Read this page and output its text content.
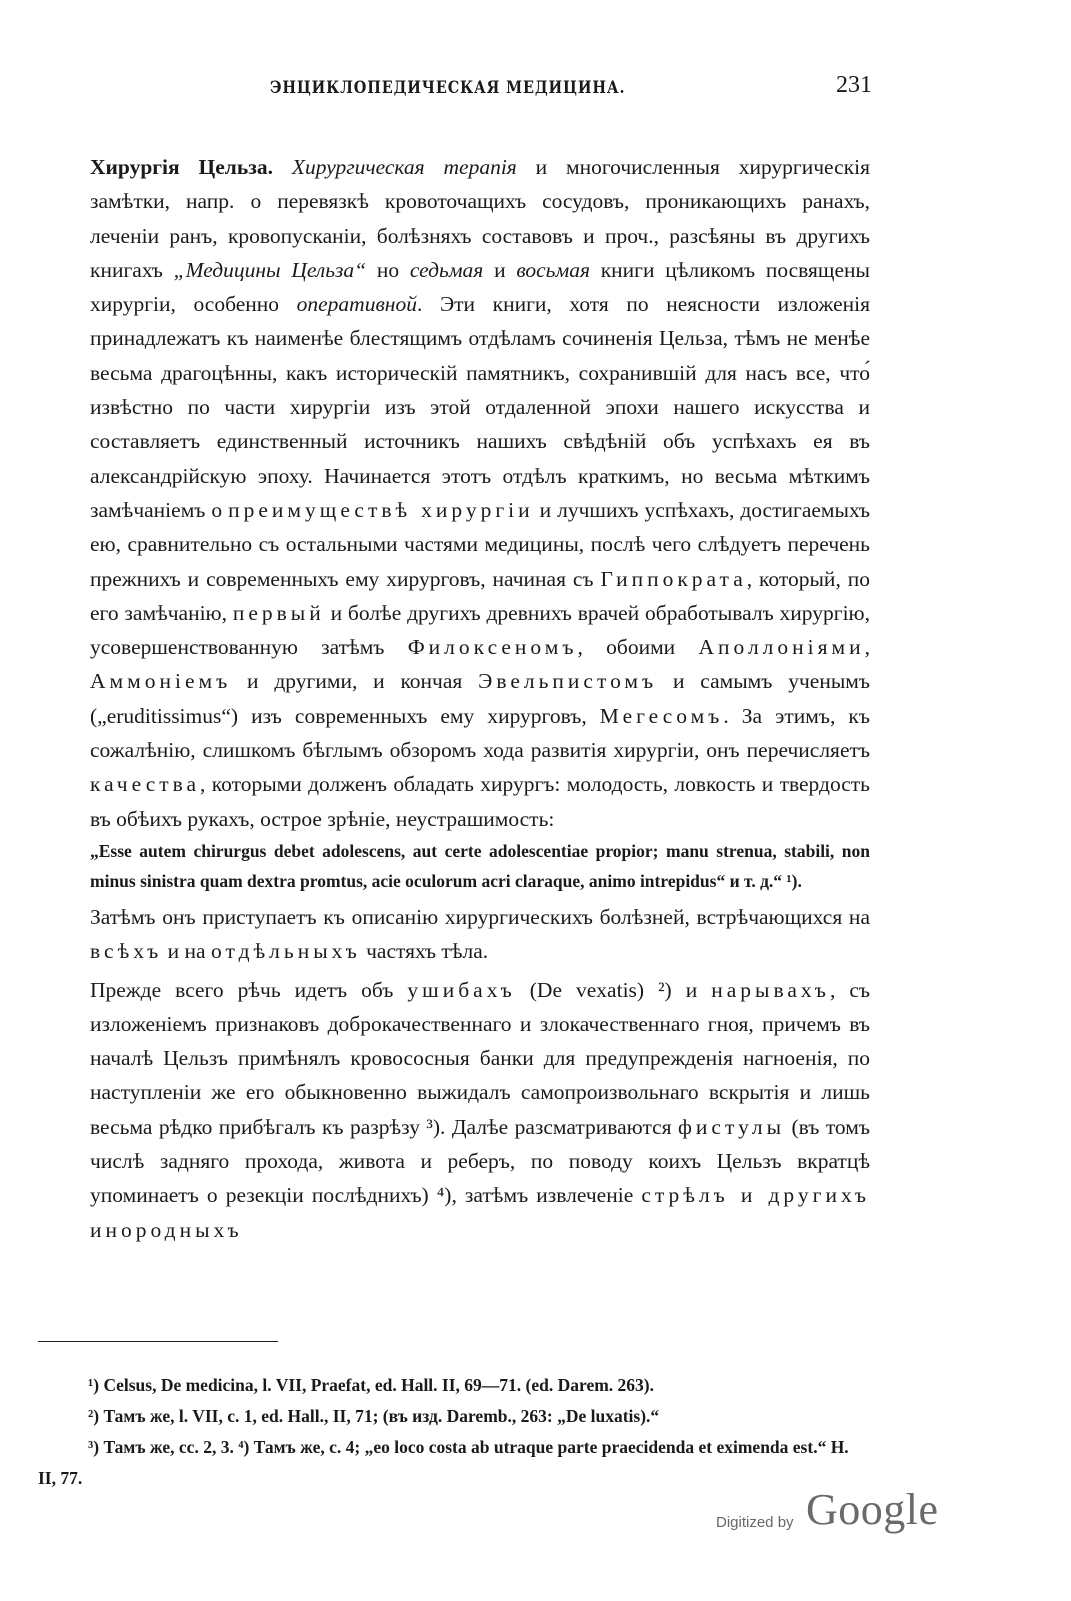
ЭНЦИКЛОПЕДИЧЕСКАЯ МЕДИЦИНА.	231

Хирургія Цельза. Хирургическая терапія и многочисленныя хирургическія замѣтки, напр. о перевязкѣ кровоточащихъ сосудовъ, проникающихъ ранахъ, леченіи ранъ, кровопусканіи, болѣзняхъ составовъ и проч., разсѣяны въ другихъ книгахъ „Медицины Цельза“ но седьмая и восьмая книги цѣликомъ посвящены хирургіи, особенно оперативной. Эти книги, хотя по неясности изложенія принадлежатъ къ наименѣе блестящимъ отдѣламъ сочиненія Цельза, тѣмъ не менѣе весьма драгоцѣнны, какъ историческій памятникъ, сохранившій для насъ все, что́ извѣстно по части хирургіи изъ этой отдаленной эпохи нашего искусства и составляетъ единственный источникъ нашихъ свѣдѣній объ успѣхахъ ея въ александрійскую эпоху. Начинается этотъ отдѣлъ краткимъ, но весьма мѣткимъ замѣчаніемъ о преимуществѣ хирургіи и лучшихъ успѣхахъ, достигаемыхъ ею, сравнительно съ остальными частями медицины, послѣ чего слѣдуетъ перечень прежнихъ и современныхъ ему хирурговъ, начиная съ Гиппократа, который, по его замѣчанію, первый и болѣе другихъ древнихъ врачей обработывалъ хирургію, усовершенствованную затѣмъ Филоксеномъ, обоими Аполлоніями, Аммоніемъ и другими, и кончая Эвельпистомъ и самымъ ученымъ („eruditissimus“) изъ современныхъ ему хирурговъ, Мегесомъ. За этимъ, къ сожалѣнію, слишкомъ бѣглымъ обзоромъ хода развитія хирургіи, онъ перечисляетъ качества, которыми долженъ обладать хирургъ: молодость, ловкость и твердость въ обѣихъ рукахъ, острое зрѣніе, неустрашимость:

„Esse autem chirurgus debet adolescens, aut certe adolescentiae propior; manu strenua, stabili, non minus sinistra quam dextra promtus, acie oculorum acri claraque, animo intrepidus“ и т. д.“ ¹).

Затѣмъ онъ приступаетъ къ описанію хирургическихъ болѣзней, встрѣчающихся на всѣхъ и на отдѣльныхъ частяхъ тѣла.

Прежде всего рѣчь идетъ объ ушибахъ (De vexatis) ²) и нарывахъ, съ изложеніемъ признаковъ доброкачественнаго и злокачественнаго гноя, причемъ въ началѣ Цельзъ примѣнялъ кровососныя банки для предупрежденія нагноенія, по наступленіи же его обыкновенно выжидалъ самопроизвольнаго вскрытія и лишь весьма рѣдко прибѣгалъ къ разрѣзу ³). Далѣе разсматриваются фистулы (въ томъ числѣ задняго прохода, живота и реберъ, по поводу коихъ Цельзъ вкратцѣ упоминаетъ о резекціи послѣднихъ) ⁴), затѣмъ извлеченіе стрѣлъ и другихъ инородныхъ

¹) Celsus, De medicina, l. VII, Praefat, ed. Hall. II, 69—71. (ed. Darem. 263).

²) Тамъ же, l. VII, c. 1, ed. Hall., II, 71; (въ изд. Daremb., 263: „De luxatis).“

³) Тамъ же, cc. 2, 3. ⁴) Тамъ же, c. 4; „eo loco costa ab utraque parte praecidenda et eximenda est.“ H. II, 77.

Digitized by Google
